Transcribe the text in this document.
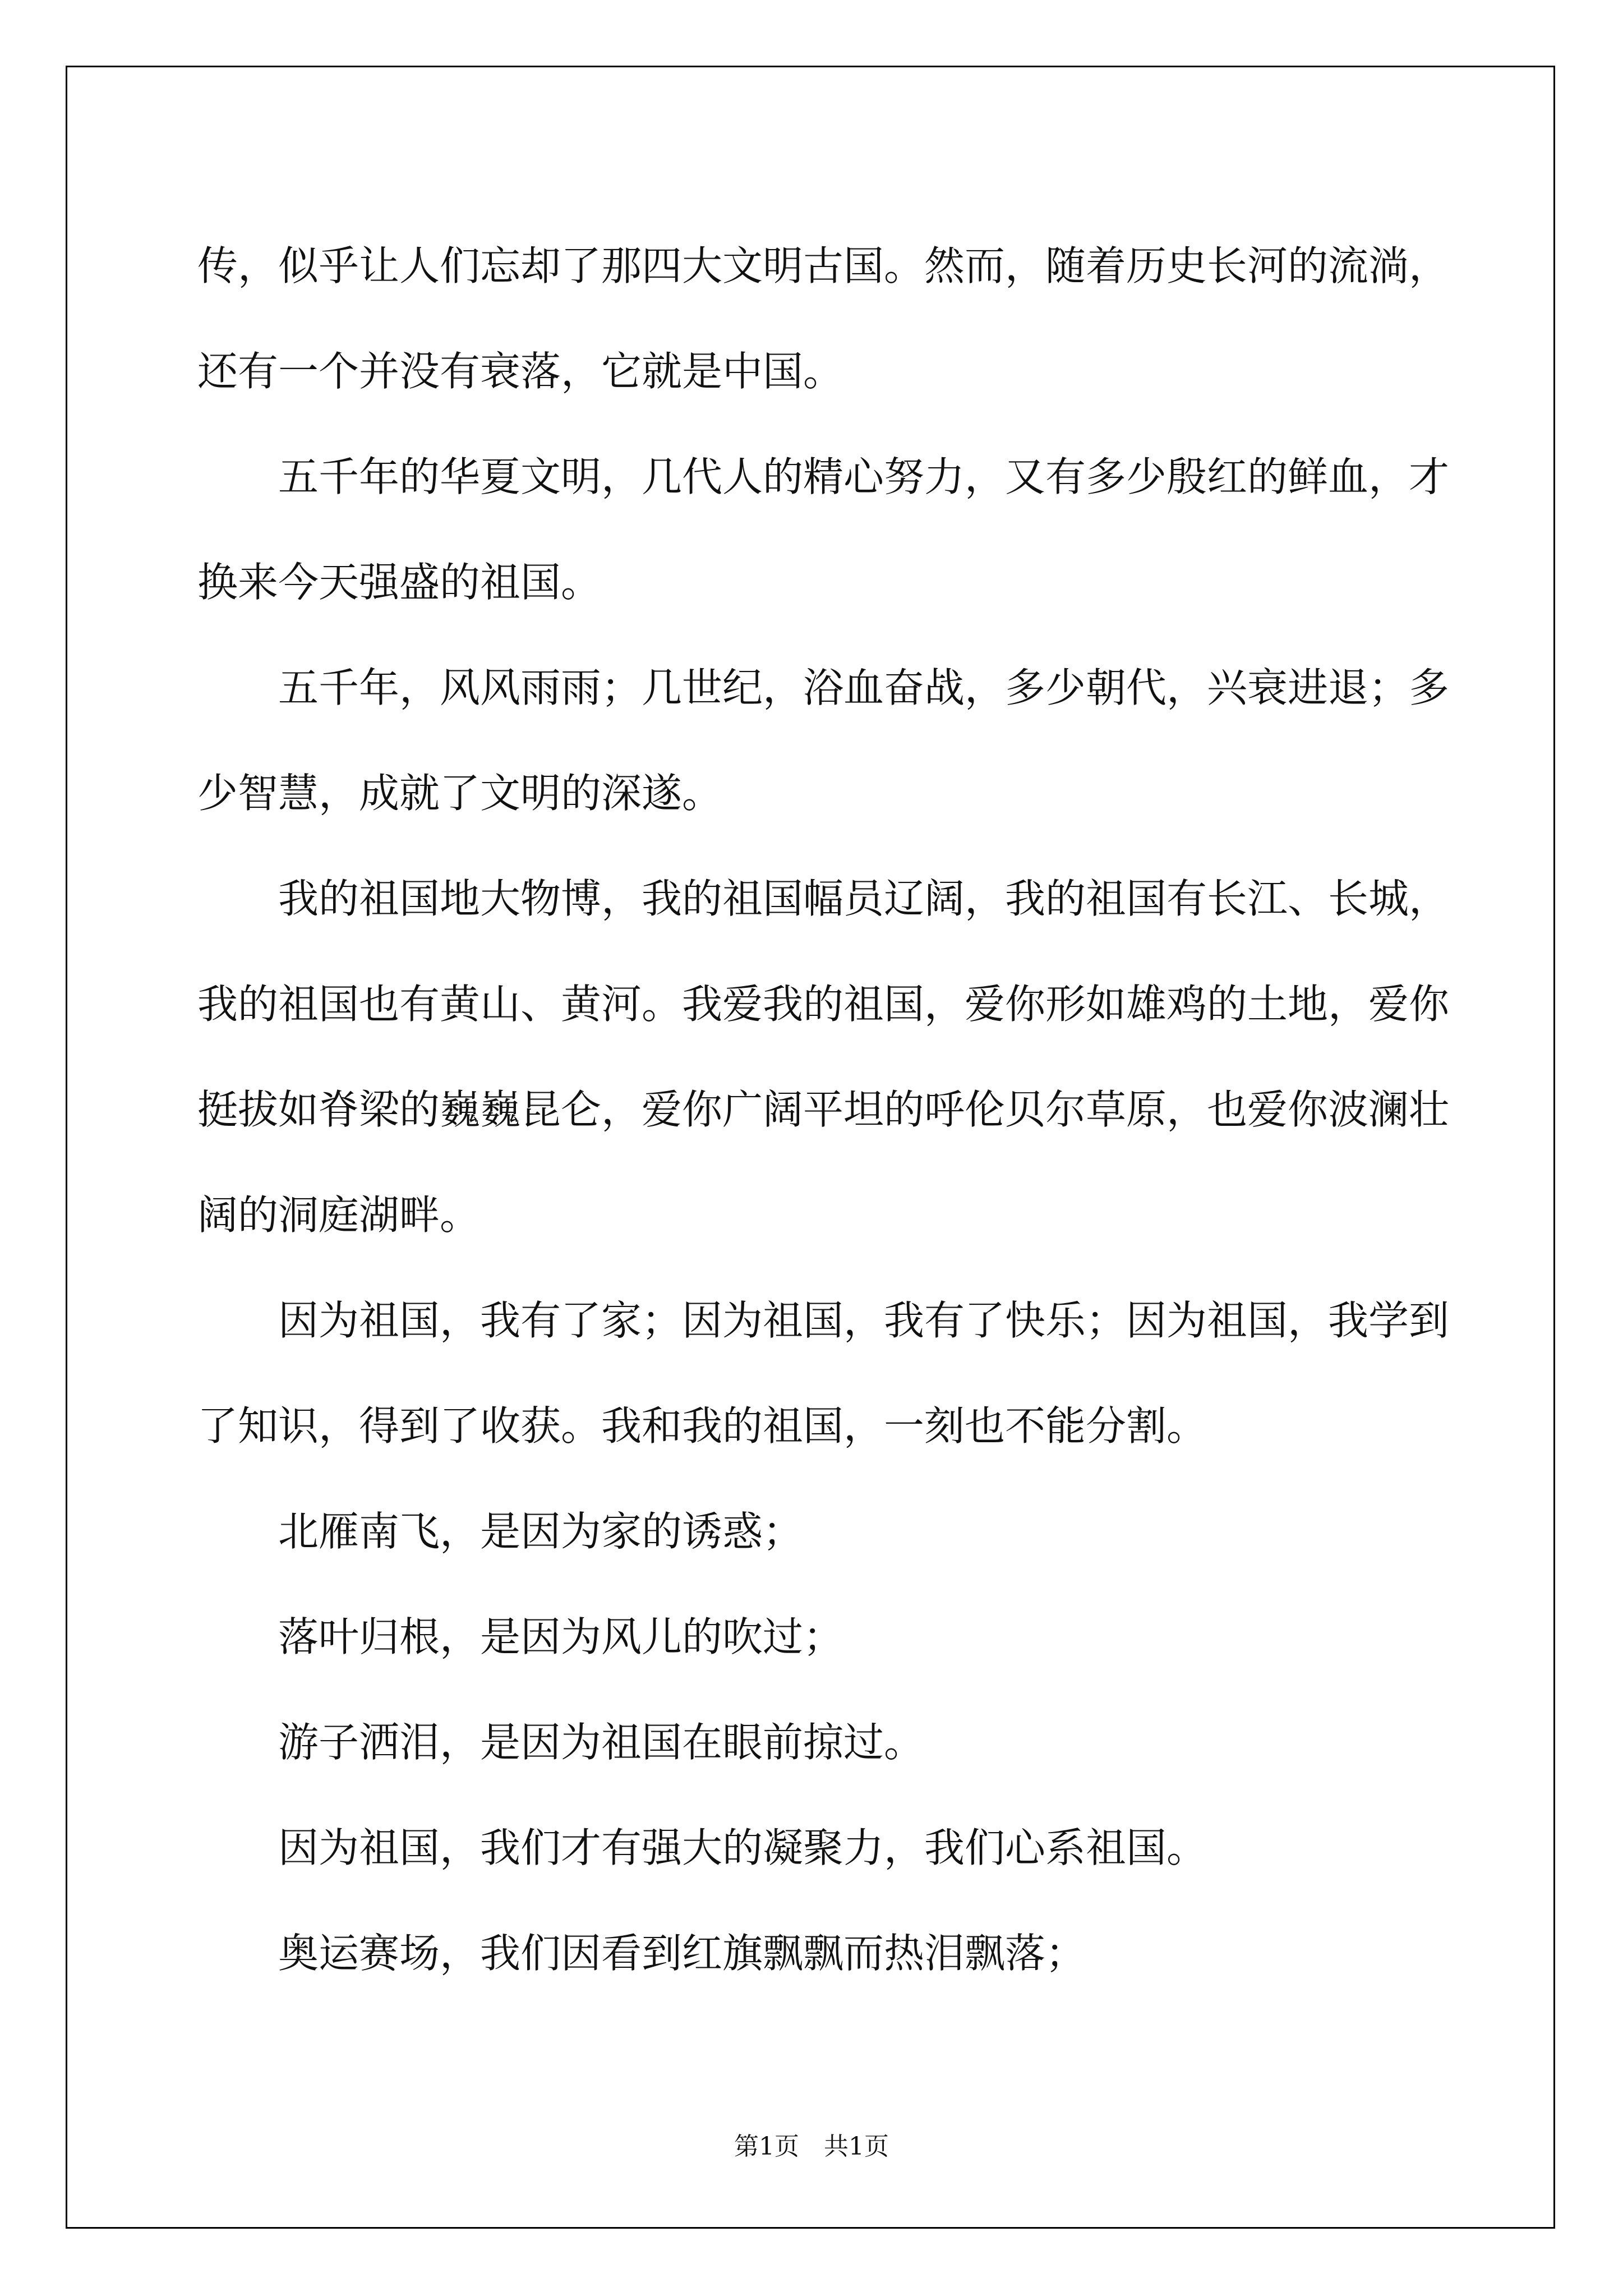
传，似乎让人们忘却了那四大文明古国。然而，随着历史长河的流淌，还有一个并没有衰落，它就是中国。

　　五千年的华夏文明，几代人的精心努力，又有多少殷红的鲜血，才换来今天强盛的祖国。

　　五千年，风风雨雨；几世纪，浴血奋战，多少朝代，兴衰进退；多少智慧，成就了文明的深遂。

　　我的祖国地大物博，我的祖国幅员辽阔，我的祖国有长江、长城，我的祖国也有黄山、黄河。我爱我的祖国，爱你形如雄鸡的土地，爱你挺拔如脊梁的巍巍昆仑，爱你广阔平坦的呼伦贝尔草原，也爱你波澜壮阔的洞庭湖畔。

　　因为祖国，我有了家；因为祖国，我有了快乐；因为祖国，我学到了知识，得到了收获。我和我的祖国，一刻也不能分割。

　　北雁南飞，是因为家的诱惑；

　　落叶归根，是因为风儿的吹过；

　　游子洒泪，是因为祖国在眼前掠过。

　　因为祖国，我们才有强大的凝聚力，我们心系祖国。

　　奥运赛场，我们因看到红旗飘飘而热泪飘落；

第1页　共1页
